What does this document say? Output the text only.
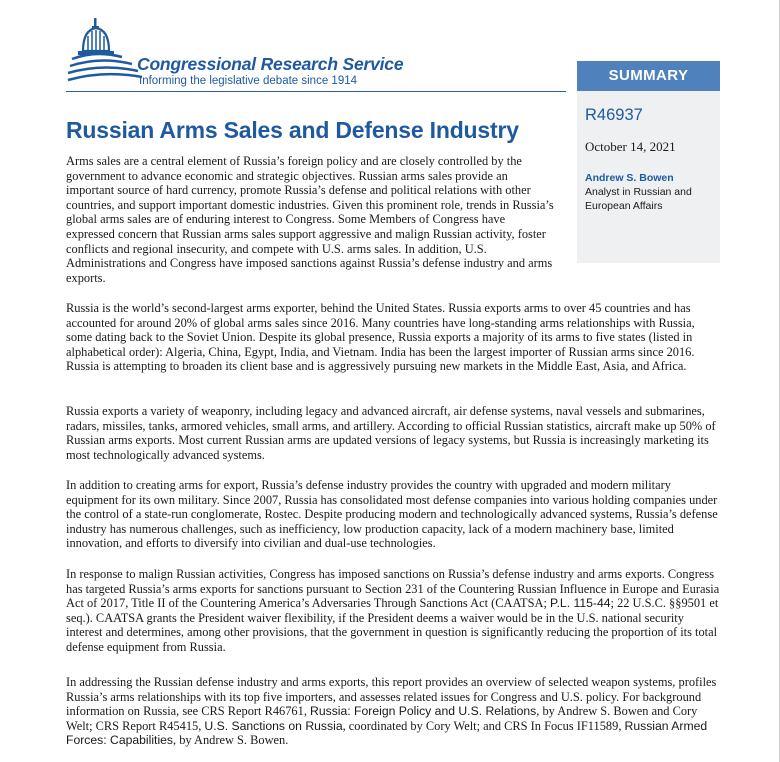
Congressional Research Service
Informing the legislative debate since 1914
Russian Arms Sales and Defense Industry
SUMMARY
R46937
October 14, 2021
Andrew S. Bowen
Analyst in Russian and European Affairs

Arms sales are a central element of Russia’s foreign policy and are closely controlled by the government to advance economic and strategic objectives. Russian arms sales provide an important source of hard currency, promote Russia’s defense and political relations with other countries, and support important domestic industries. Given this prominent role, trends in Russia’s global arms sales are of enduring interest to Congress. Some Members of Congress have expressed concern that Russian arms sales support aggressive and malign Russian activity, foster conflicts and regional insecurity, and compete with U.S. arms sales. In addition, U.S. Administrations and Congress have imposed sanctions against Russia’s defense industry and arms exports.

Russia is the world’s second-largest arms exporter, behind the United States. Russia exports arms to over 45 countries and has accounted for around 20% of global arms sales since 2016. Many countries have long-standing arms relationships with Russia, some dating back to the Soviet Union. Despite its global presence, Russia exports a majority of its arms to five states (listed in alphabetical order): Algeria, China, Egypt, India, and Vietnam. India has been the largest importer of Russian arms since 2016. Russia is attempting to broaden its client base and is aggressively pursuing new markets in the Middle East, Asia, and Africa.

Russia exports a variety of weaponry, including legacy and advanced aircraft, air defense systems, naval vessels and submarines, radars, missiles, tanks, armored vehicles, small arms, and artillery. According to official Russian statistics, aircraft make up 50% of Russian arms exports. Most current Russian arms are updated versions of legacy systems, but Russia is increasingly marketing its most technologically advanced systems.

In addition to creating arms for export, Russia’s defense industry provides the country with upgraded and modern military equipment for its own military. Since 2007, Russia has consolidated most defense companies into various holding companies under the control of a state-run conglomerate, Rostec. Despite producing modern and technologically advanced systems, Russia’s defense industry has numerous challenges, such as inefficiency, low production capacity, lack of a modern machinery base, limited innovation, and efforts to diversify into civilian and dual-use technologies.

In response to malign Russian activities, Congress has imposed sanctions on Russia’s defense industry and arms exports. Congress has targeted Russia’s arms exports for sanctions pursuant to Section 231 of the Countering Russian Influence in Europe and Eurasia Act of 2017, Title II of the Countering America’s Adversaries Through Sanctions Act (CAATSA; P.L. 115-44; 22 U.S.C. §§9501 et seq.). CAATSA grants the President waiver flexibility, if the President deems a waiver would be in the U.S. national security interest and determines, among other provisions, that the government in question is significantly reducing the proportion of its total defense equipment from Russia.

In addressing the Russian defense industry and arms exports, this report provides an overview of selected weapon systems, profiles Russia’s arms relationships with its top five importers, and assesses related issues for Congress and U.S. policy. For background information on Russia, see CRS Report R46761, Russia: Foreign Policy and U.S. Relations, by Andrew S. Bowen and Cory Welt; CRS Report R45415, U.S. Sanctions on Russia, coordinated by Cory Welt; and CRS In Focus IF11589, Russian Armed Forces: Capabilities, by Andrew S. Bowen.
